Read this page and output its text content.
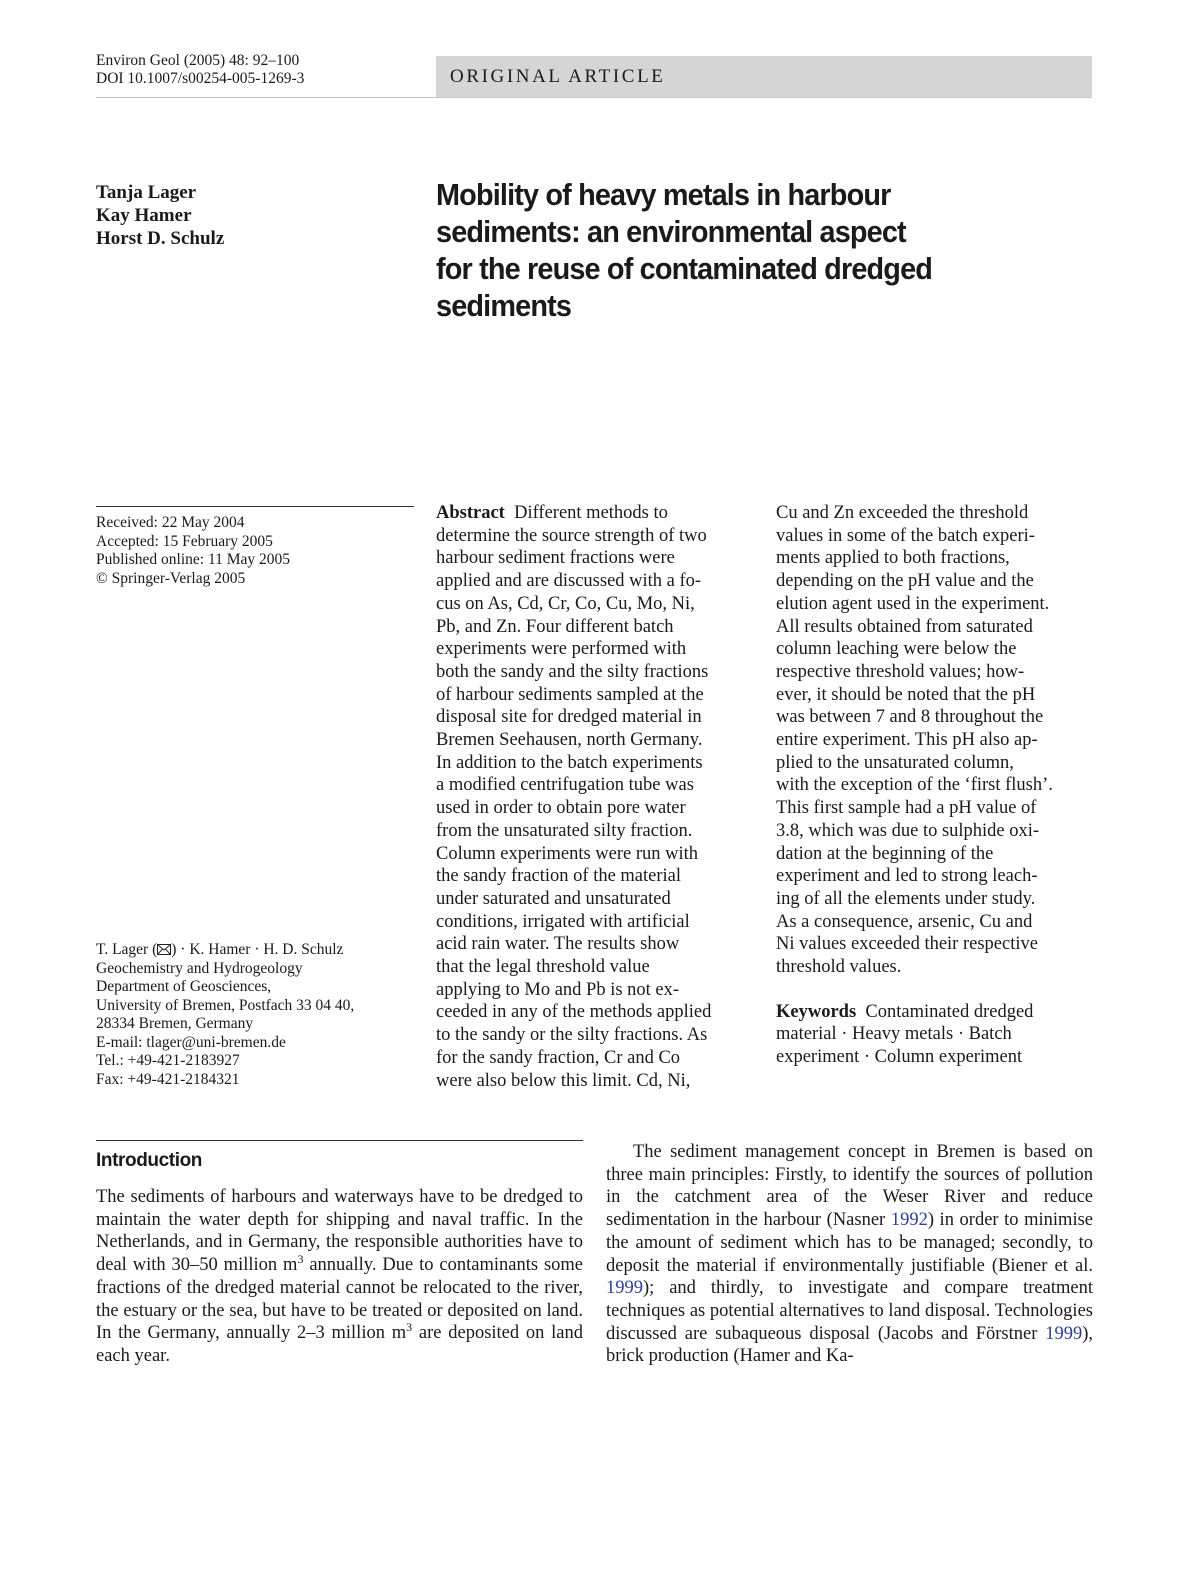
Environ Geol (2005) 48: 92–100
DOI 10.1007/s00254-005-1269-3	ORIGINAL ARTICLE
Tanja Lager
Kay Hamer
Horst D. Schulz
Mobility of heavy metals in harbour
sediments: an environmental aspect
for the reuse of contaminated dredged
sediments
Received: 22 May 2004
Accepted: 15 February 2005
Published online: 11 May 2005
© Springer-Verlag 2005
T. Lager ( ) · K. Hamer · H. D. Schulz
Geochemistry and Hydrogeology
Department of Geosciences,
University of Bremen, Postfach 33 04 40,
28334 Bremen, Germany
E-mail: tlager@uni-bremen.de
Tel.: +49-421-2183927
Fax: +49-421-2184321
Abstract Different methods to
determine the source strength of two
harbour sediment fractions were
applied and are discussed with a fo-
cus on As, Cd, Cr, Co, Cu, Mo, Ni,
Pb, and Zn. Four different batch
experiments were performed with
both the sandy and the silty fractions
of harbour sediments sampled at the
disposal site for dredged material in
Bremen Seehausen, north Germany.
In addition to the batch experiments
a modified centrifugation tube was
used in order to obtain pore water
from the unsaturated silty fraction.
Column experiments were run with
the sandy fraction of the material
under saturated and unsaturated
conditions, irrigated with artificial
acid rain water. The results show
that the legal threshold value
applying to Mo and Pb is not ex-
ceeded in any of the methods applied
to the sandy or the silty fractions. As
for the sandy fraction, Cr and Co
were also below this limit. Cd, Ni,
Cu and Zn exceeded the threshold
values in some of the batch experi-
ments applied to both fractions,
depending on the pH value and the
elution agent used in the experiment.
All results obtained from saturated
column leaching were below the
respective threshold values; how-
ever, it should be noted that the pH
was between 7 and 8 throughout the
entire experiment. This pH also ap-
plied to the unsaturated column,
with the exception of the ‘first flush’.
This first sample had a pH value of
3.8, which was due to sulphide oxi-
dation at the beginning of the
experiment and led to strong leach-
ing of all the elements under study.
As a consequence, arsenic, Cu and
Ni values exceeded their respective
threshold values.

Keywords Contaminated dredged

material · Heavy metals · Batch
experiment · Column experiment
Introduction
The sediments of harbours and waterways have to be dredged to maintain the water depth for shipping and naval traffic. In the Netherlands, and in Germany, the responsible authorities have to deal with 30–50 million $m^3$ annually. Due to contaminants some fractions of the dredged material cannot be relocated to the river, the estuary or the sea, but have to be treated or deposited on land. In the Germany, annually 2–3 million $m^3$ are deposited on land each year.
The sediment management concept in Bremen is based on three main principles: Firstly, to identify the sources of pollution in the catchment area of the Weser River and reduce sedimentation in the harbour (Nasner 1992) in order to minimise the amount of sediment which has to be managed; secondly, to deposit the material if environmentally justifiable (Biener et al. 1999); and thirdly, to investigate and compare treatment techniques as potential alternatives to land disposal. Technologies discussed are subaqueous disposal (Jacobs and Förstner 1999), brick production (Hamer and Ka-
